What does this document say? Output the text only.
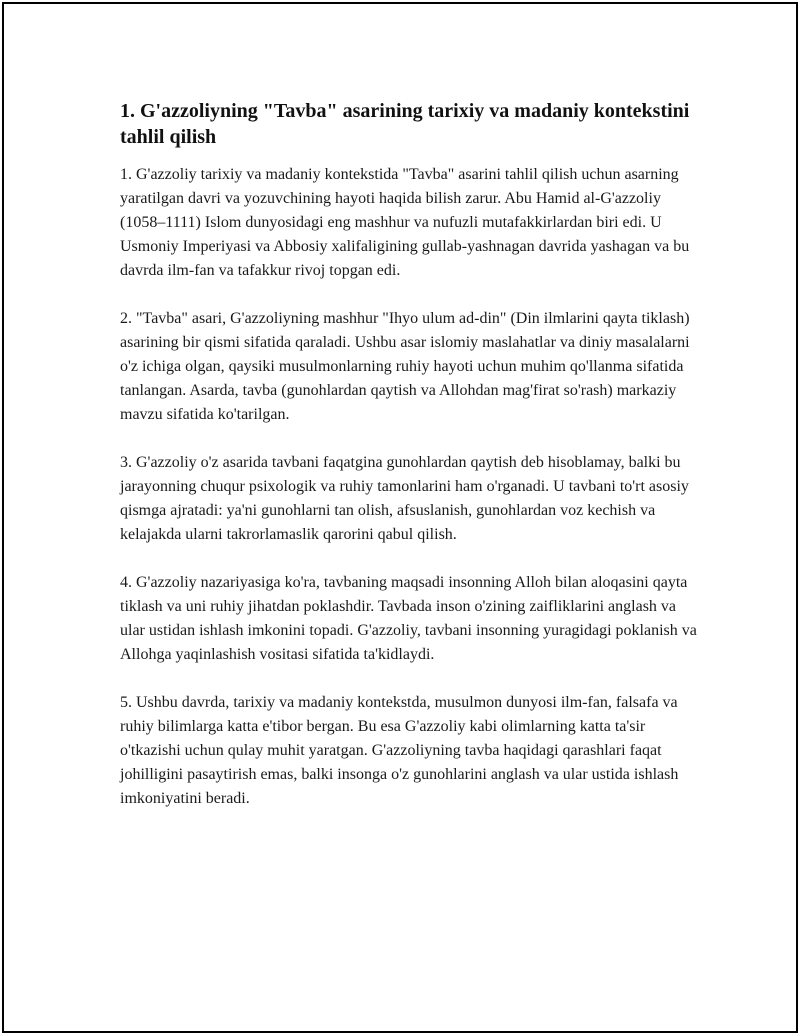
1. G'azzoliyning "Tavba" asarining tarixiy va madaniy kontekstini tahlil qilish

1. G'azzoliy tarixiy va madaniy kontekstida "Tavba" asarini tahlil qilish uchun asarning yaratilgan davri va yozuvchining hayoti haqida bilish zarur. Abu Hamid al-G'azzoliy (1058–1111) Islom dunyosidagi eng mashhur va nufuzli mutafakkirlardan biri edi. U Usmoniy Imperiyasi va Abbosiy xalifaligining gullab-yashnagan davrida yashagan va bu davrda ilm-fan va tafakkur rivoj topgan edi.

2. "Tavba" asari, G'azzoliyning mashhur "Ihyo ulum ad-din" (Din ilmlarini qayta tiklash) asarining bir qismi sifatida qaraladi. Ushbu asar islomiy maslahatlar va diniy masalalarni o'z ichiga olgan, qaysiki musulmonlarning ruhiy hayoti uchun muhim qo'llanma sifatida tanlangan. Asarda, tavba (gunohlardan qaytish va Allohdan mag'firat so'rash) markaziy mavzu sifatida ko'tarilgan.

3. G'azzoliy o'z asarida tavbani faqatgina gunohlardan qaytish deb hisoblamay, balki bu jarayonning chuqur psixologik va ruhiy tamonlarini ham o'rganadi. U tavbani to'rt asosiy qismga ajratadi: ya'ni gunohlarni tan olish, afsuslanish, gunohlardan voz kechish va kelajakda ularni takrorlamaslik qarorini qabul qilish.

4. G'azzoliy nazariyasiga ko'ra, tavbaning maqsadi insonning Alloh bilan aloqasini qayta tiklash va uni ruhiy jihatdan poklashdir. Tavbada inson o'zining zaifliklarini anglash va ular ustidan ishlash imkonini topadi. G'azzoliy, tavbani insonning yuragidagi poklanish va Allohga yaqinlashish vositasi sifatida ta'kidlaydi.

5. Ushbu davrda, tarixiy va madaniy kontekstda, musulmon dunyosi ilm-fan, falsafa va ruhiy bilimlarga katta e'tibor bergan. Bu esa G'azzoliy kabi olimlarning katta ta'sir o'tkazishi uchun qulay muhit yaratgan. G'azzoliyning tavba haqidagi qarashlari faqat johilligini pasaytirish emas, balki insonga o'z gunohlarini anglash va ular ustida ishlash imkoniyatini beradi.
